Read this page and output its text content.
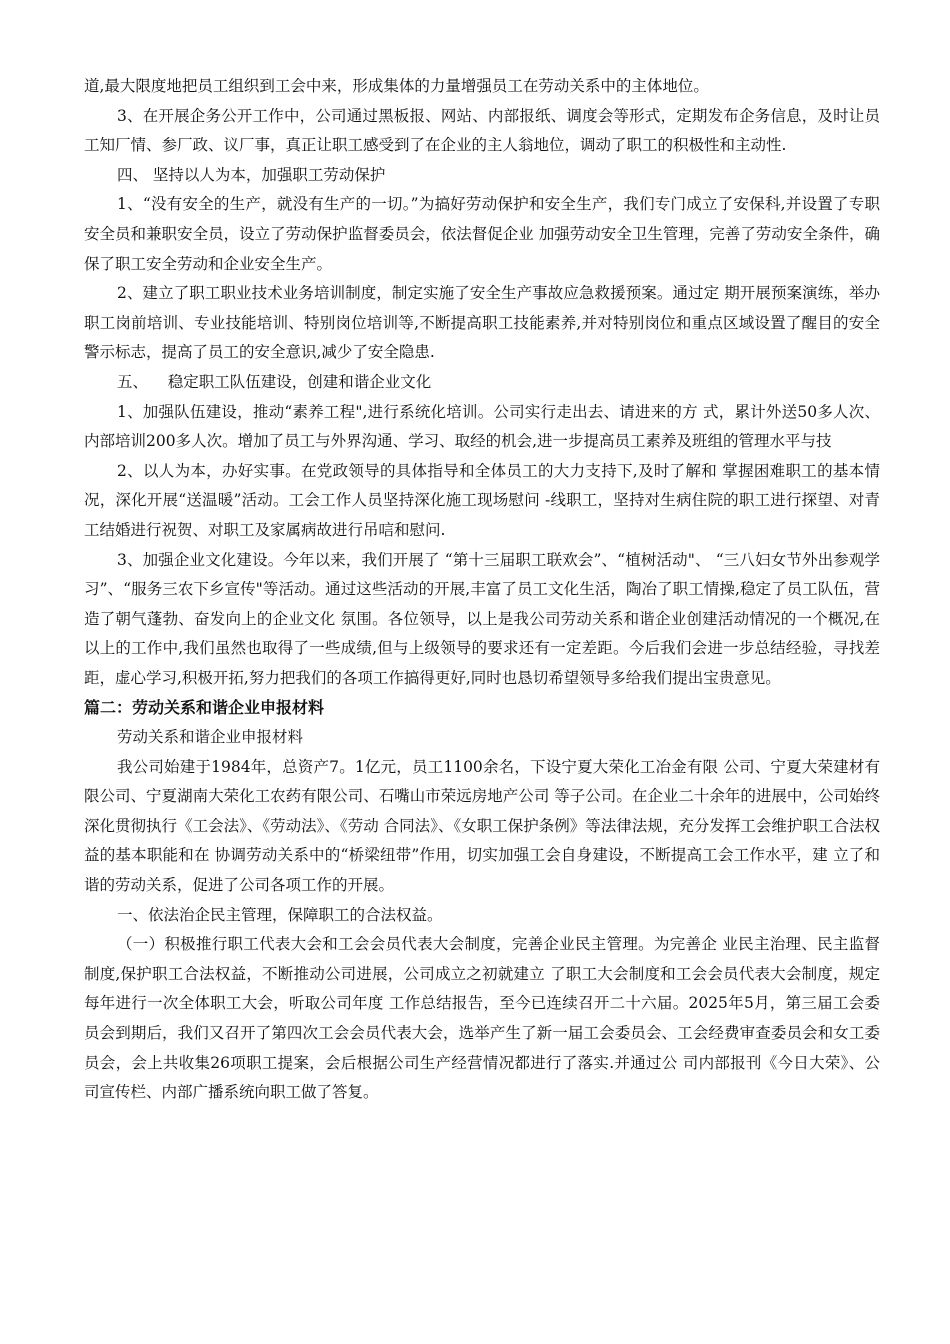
道,最大限度地把员工组织到工会中来，形成集体的力量增强员工在劳动关系中的主体地位。

3、在开展企务公开工作中，公司通过黑板报、网站、内部报纸、调度会等形式，定期发布企务信息，及时让员工知厂情、参厂政、议厂事，真正让职工感受到了在企业的主人翁地位，调动了职工的积极性和主动性.

四、 坚持以人为本，加强职工劳动保护

1、“没有安全的生产，就没有生产的一切。”为搞好劳动保护和安全生产，我们专门成立了安保科,并设置了专职安全员和兼职安全员，设立了劳动保护监督委员会，依法督促企业 加强劳动安全卫生管理，完善了劳动安全条件，确保了职工安全劳动和企业安全生产。

2、建立了职工职业技术业务培训制度，制定实施了安全生产事故应急救援预案。通过定 期开展预案演练，举办职工岗前培训、专业技能培训、特别岗位培训等,不断提高职工技能素养,并对特别岗位和重点区域设置了醒目的安全警示标志，提高了员工的安全意识,减少了安全隐患.

五、    稳定职工队伍建设，创建和谐企业文化

1、加强队伍建设，推动“素养工程",进行系统化培训。公司实行走出去、请进来的方 式，累计外送50多人次、内部培训200多人次。增加了员工与外界沟通、学习、取经的机会,进一步提高员工素养及班组的管理水平与技

2、以人为本，办好实事。在党政领导的具体指导和全体员工的大力支持下,及时了解和 掌握困难职工的基本情况，深化开展“送温暖”活动。工会工作人员坚持深化施工现场慰问 -线职工，坚持对生病住院的职工进行探望、对青工结婚进行祝贺、对职工及家属病故进行吊唁和慰问.

3、加强企业文化建设。今年以来，我们开展了 “第十三届职工联欢会”、“植树活动"、 “三八妇女节外出参观学习”、“服务三农下乡宣传"等活动。通过这些活动的开展,丰富了员工文化生活，陶冶了职工情操,稳定了员工队伍，营造了朝气蓬勃、奋发向上的企业文化 氛围。各位领导，以上是我公司劳动关系和谐企业创建活动情况的一个概况,在以上的工作中,我们虽然也取得了一些成绩,但与上级领导的要求还有一定差距。今后我们会进一步总结经验，寻找差距，虚心学习,积极开拓,努力把我们的各项工作搞得更好,同时也恳切希望领导多给我们提出宝贵意见。

篇二：劳动关系和谐企业申报材料

劳动关系和谐企业申报材料

我公司始建于1984年，总资产7。1亿元，员工1100余名，下设宁夏大荣化工冶金有限 公司、宁夏大荣建材有限公司、宁夏湖南大荣化工农药有限公司、石嘴山市荣远房地产公司 等子公司。在企业二十余年的进展中，公司始终深化贯彻执行《工会法》、《劳动法》、《劳动 合同法》、《女职工保护条例》等法律法规，充分发挥工会维护职工合法权益的基本职能和在 协调劳动关系中的“桥梁纽带”作用，切实加强工会自身建设，不断提高工会工作水平，建 立了和谐的劳动关系，促进了公司各项工作的开展。

一、依法治企民主管理，保障职工的合法权益。

（一）积极推行职工代表大会和工会会员代表大会制度，完善企业民主管理。为完善企 业民主治理、民主监督制度,保护职工合法权益，不断推动公司进展，公司成立之初就建立 了职工大会制度和工会会员代表大会制度，规定每年进行一次全体职工大会，听取公司年度 工作总结报告，至今已连续召开二十六届。2025年5月，第三届工会委员会到期后，我们又召开了第四次工会会员代表大会，选举产生了新一届工会委员会、工会经费审查委员会和女工委员会，会上共收集26项职工提案，会后根据公司生产经营情况都进行了落实.并通过公 司内部报刊《今日大荣》、公司宣传栏、内部广播系统向职工做了答复。
